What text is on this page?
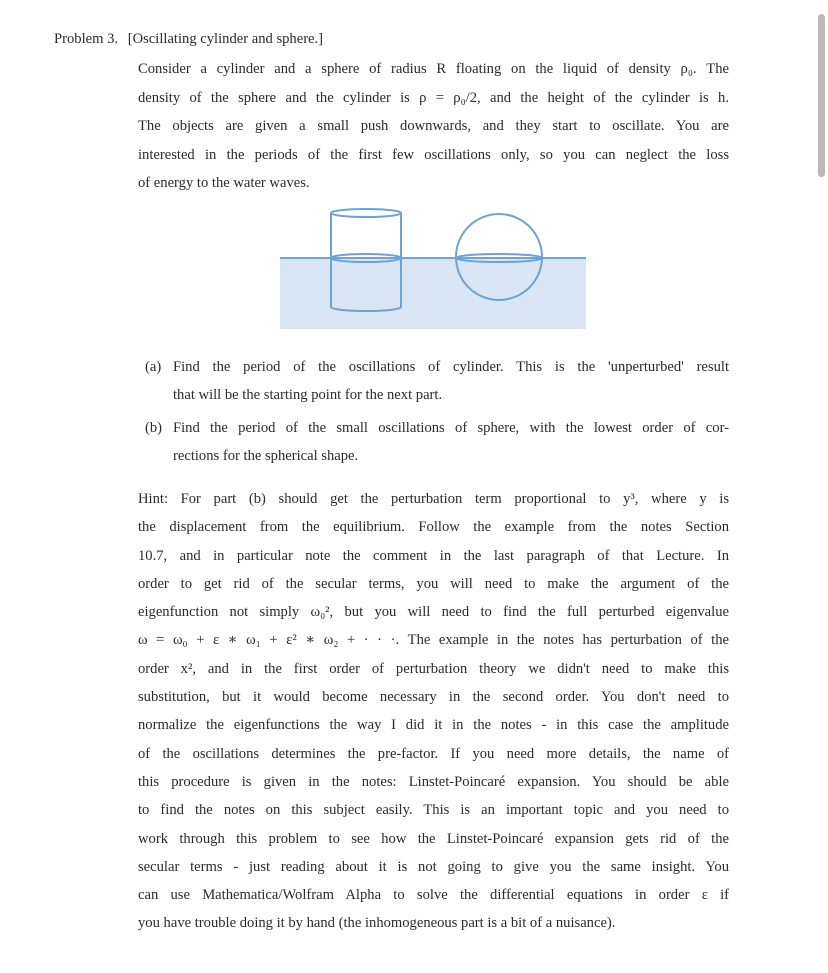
Problem 3. [Oscillating cylinder and sphere.]
Consider a cylinder and a sphere of radius R floating on the liquid of density ρ₀. The
density of the sphere and the cylinder is ρ = ρ₀/2, and the height of the cylinder is h.
The objects are given a small push downwards, and they start to oscillate. You are
interested in the periods of the first few oscillations only, so you can neglect the loss
of energy to the water waves.
(a) Find the period of the oscillations of cylinder. This is the 'unperturbed' result
that will be the starting point for the next part.
(b) Find the period of the small oscillations of sphere, with the lowest order of cor-
rections for the spherical shape.
Hint: For part (b) should get the perturbation term proportional to y³, where y is
the displacement from the equilibrium. Follow the example from the notes Section
10.7, and in particular note the comment in the last paragraph of that Lecture. In
order to get rid of the secular terms, you will need to make the argument of the
eigenfunction not simply ω₀², but you will need to find the full perturbed eigenvalue
ω = ω₀ + ε ∗ ω₁ + ε² ∗ ω₂ + · · ·. The example in the notes has perturbation of the
order x², and in the first order of perturbation theory we didn't need to make this
substitution, but it would become necessary in the second order. You don't need to
normalize the eigenfunctions the way I did it in the notes - in this case the amplitude
of the oscillations determines the pre-factor. If you need more details, the name of
this procedure is given in the notes: Linstet-Poincaré expansion. You should be able
to find the notes on this subject easily. This is an important topic and you need to
work through this problem to see how the Linstet-Poincaré expansion gets rid of the
secular terms - just reading about it is not going to give you the same insight. You
can use Mathematica/Wolfram Alpha to solve the differential equations in order ε if
you have trouble doing it by hand (the inhomogeneous part is a bit of a nuisance).
